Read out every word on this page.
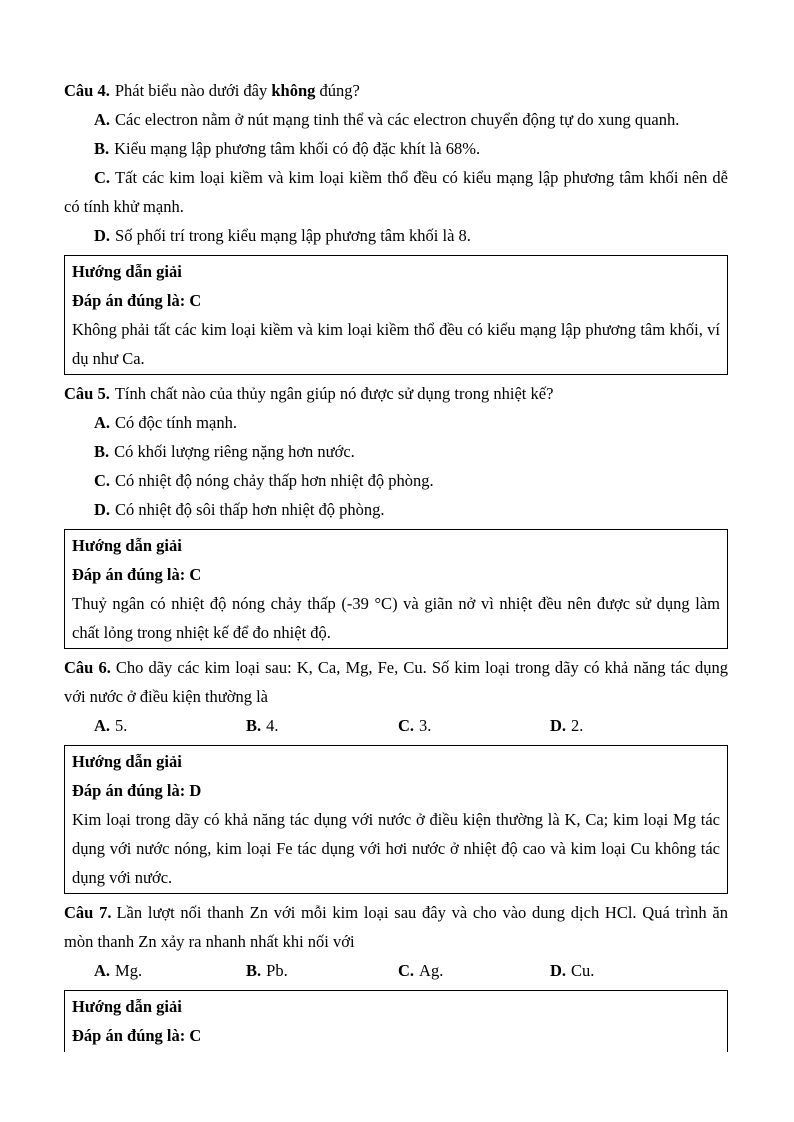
Câu 4. Phát biểu nào dưới đây không đúng?

A. Các electron nằm ở nút mạng tinh thể và các electron chuyển động tự do xung quanh.

B. Kiểu mạng lập phương tâm khối có độ đặc khít là 68%.

C. Tất các kim loại kiềm và kim loại kiềm thổ đều có kiểu mạng lập phương tâm khối nên dễ có tính khử mạnh.

D. Số phối trí trong kiểu mạng lập phương tâm khối là 8.

Hướng dẫn giải

Đáp án đúng là: C

Không phải tất các kim loại kiềm và kim loại kiềm thổ đều có kiểu mạng lập phương tâm khối, ví dụ như Ca.

Câu 5. Tính chất nào của thủy ngân giúp nó được sử dụng trong nhiệt kế?

A. Có độc tính mạnh.

B. Có khối lượng riêng nặng hơn nước.

C. Có nhiệt độ nóng chảy thấp hơn nhiệt độ phòng.

D. Có nhiệt độ sôi thấp hơn nhiệt độ phòng.

Hướng dẫn giải

Đáp án đúng là: C

Thuỷ ngân có nhiệt độ nóng chảy thấp (-39 °C) và giãn nở vì nhiệt đều nên được sử dụng làm chất lỏng trong nhiệt kế để đo nhiệt độ.

Câu 6. Cho dãy các kim loại sau: K, Ca, Mg, Fe, Cu. Số kim loại trong dãy có khả năng tác dụng với nước ở điều kiện thường là

A. 5.	B. 4.	C. 3.	D. 2.

Hướng dẫn giải

Đáp án đúng là: D

Kim loại trong dãy có khả năng tác dụng với nước ở điều kiện thường là K, Ca; kim loại Mg tác dụng với nước nóng, kim loại Fe tác dụng với hơi nước ở nhiệt độ cao và kim loại Cu không tác dụng với nước.

Câu 7. Lần lượt nối thanh Zn với mỗi kim loại sau đây và cho vào dung dịch HCl. Quá trình ăn mòn thanh Zn xảy ra nhanh nhất khi nối với

A. Mg.	B. Pb.	C. Ag.	D. Cu.

Hướng dẫn giải

Đáp án đúng là: C
